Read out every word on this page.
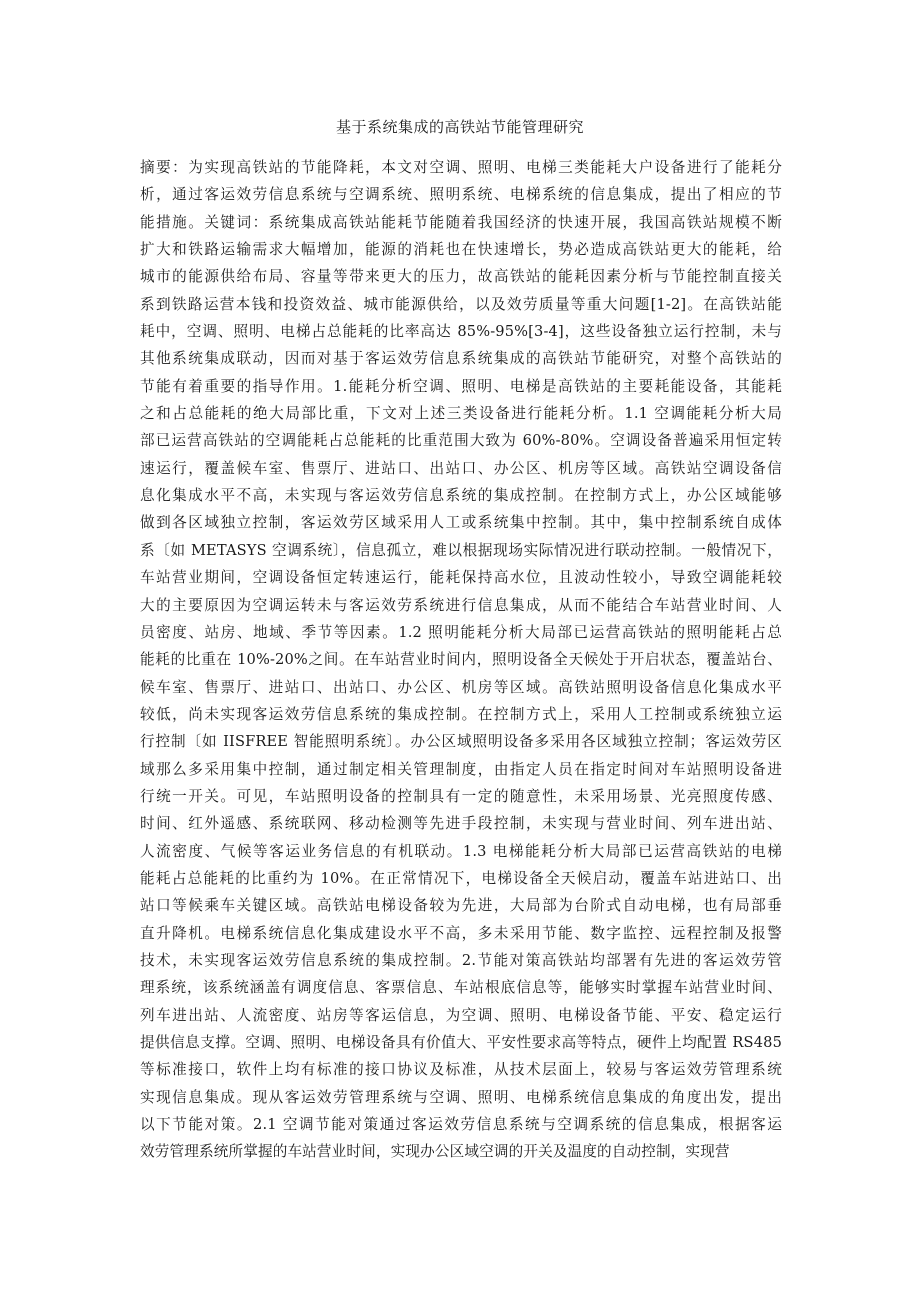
基于系统集成的高铁站节能管理研究
摘要：为实现高铁站的节能降耗，本文对空调、照明、电梯三类能耗大户设备进行了能耗分
析，通过客运效劳信息系统与空调系统、照明系统、电梯系统的信息集成，提出了相应的节
能措施。关键词：系统集成高铁站能耗节能随着我国经济的快速开展，我国高铁站规模不断
扩大和铁路运输需求大幅增加，能源的消耗也在快速增长，势必造成高铁站更大的能耗，给
城市的能源供给布局、容量等带来更大的压力，故高铁站的能耗因素分析与节能控制直接关
系到铁路运营本钱和投资效益、城市能源供给，以及效劳质量等重大问题[1-2]。在高铁站能
耗中，空调、照明、电梯占总能耗的比率高达 85%-95%[3-4]，这些设备独立运行控制，未与
其他系统集成联动，因而对基于客运效劳信息系统集成的高铁站节能研究，对整个高铁站的
节能有着重要的指导作用。1.能耗分析空调、照明、电梯是高铁站的主要耗能设备，其能耗
之和占总能耗的绝大局部比重，下文对上述三类设备进行能耗分析。1.1 空调能耗分析大局
部已运营高铁站的空调能耗占总能耗的比重范围大致为 60%-80%。空调设备普遍采用恒定转
速运行，覆盖候车室、售票厅、进站口、出站口、办公区、机房等区域。高铁站空调设备信
息化集成水平不高，未实现与客运效劳信息系统的集成控制。在控制方式上，办公区域能够
做到各区域独立控制，客运效劳区域采用人工或系统集中控制。其中，集中控制系统自成体
系〔如 METASYS 空调系统〕，信息孤立，难以根据现场实际情况进行联动控制。一般情况下，
车站营业期间，空调设备恒定转速运行，能耗保持高水位，且波动性较小，导致空调能耗较
大的主要原因为空调运转未与客运效劳系统进行信息集成，从而不能结合车站营业时间、人
员密度、站房、地域、季节等因素。1.2 照明能耗分析大局部已运营高铁站的照明能耗占总
能耗的比重在 10%-20%之间。在车站营业时间内，照明设备全天候处于开启状态，覆盖站台、
候车室、售票厅、进站口、出站口、办公区、机房等区域。高铁站照明设备信息化集成水平
较低，尚未实现客运效劳信息系统的集成控制。在控制方式上，采用人工控制或系统独立运
行控制〔如 IISFREE 智能照明系统〕。办公区域照明设备多采用各区域独立控制；客运效劳区
域那么多采用集中控制，通过制定相关管理制度，由指定人员在指定时间对车站照明设备进
行统一开关。可见，车站照明设备的控制具有一定的随意性，未采用场景、光亮照度传感、
时间、红外遥感、系统联网、移动检测等先进手段控制，未实现与营业时间、列车进出站、
人流密度、气候等客运业务信息的有机联动。1.3 电梯能耗分析大局部已运营高铁站的电梯
能耗占总能耗的比重约为 10%。在正常情况下，电梯设备全天候启动，覆盖车站进站口、出
站口等候乘车关键区域。高铁站电梯设备较为先进，大局部为台阶式自动电梯，也有局部垂
直升降机。电梯系统信息化集成建设水平不高，多未采用节能、数字监控、远程控制及报警
技术，未实现客运效劳信息系统的集成控制。2.节能对策高铁站均部署有先进的客运效劳管
理系统，该系统涵盖有调度信息、客票信息、车站根底信息等，能够实时掌握车站营业时间、
列车进出站、人流密度、站房等客运信息，为空调、照明、电梯设备节能、平安、稳定运行
提供信息支撑。空调、照明、电梯设备具有价值大、平安性要求高等特点，硬件上均配置 RS485
等标准接口，软件上均有标准的接口协议及标准，从技术层面上，较易与客运效劳管理系统
实现信息集成。现从客运效劳管理系统与空调、照明、电梯系统信息集成的角度出发，提出
以下节能对策。2.1 空调节能对策通过客运效劳信息系统与空调系统的信息集成，根据客运
效劳管理系统所掌握的车站营业时间，实现办公区域空调的开关及温度的自动控制，实现营
